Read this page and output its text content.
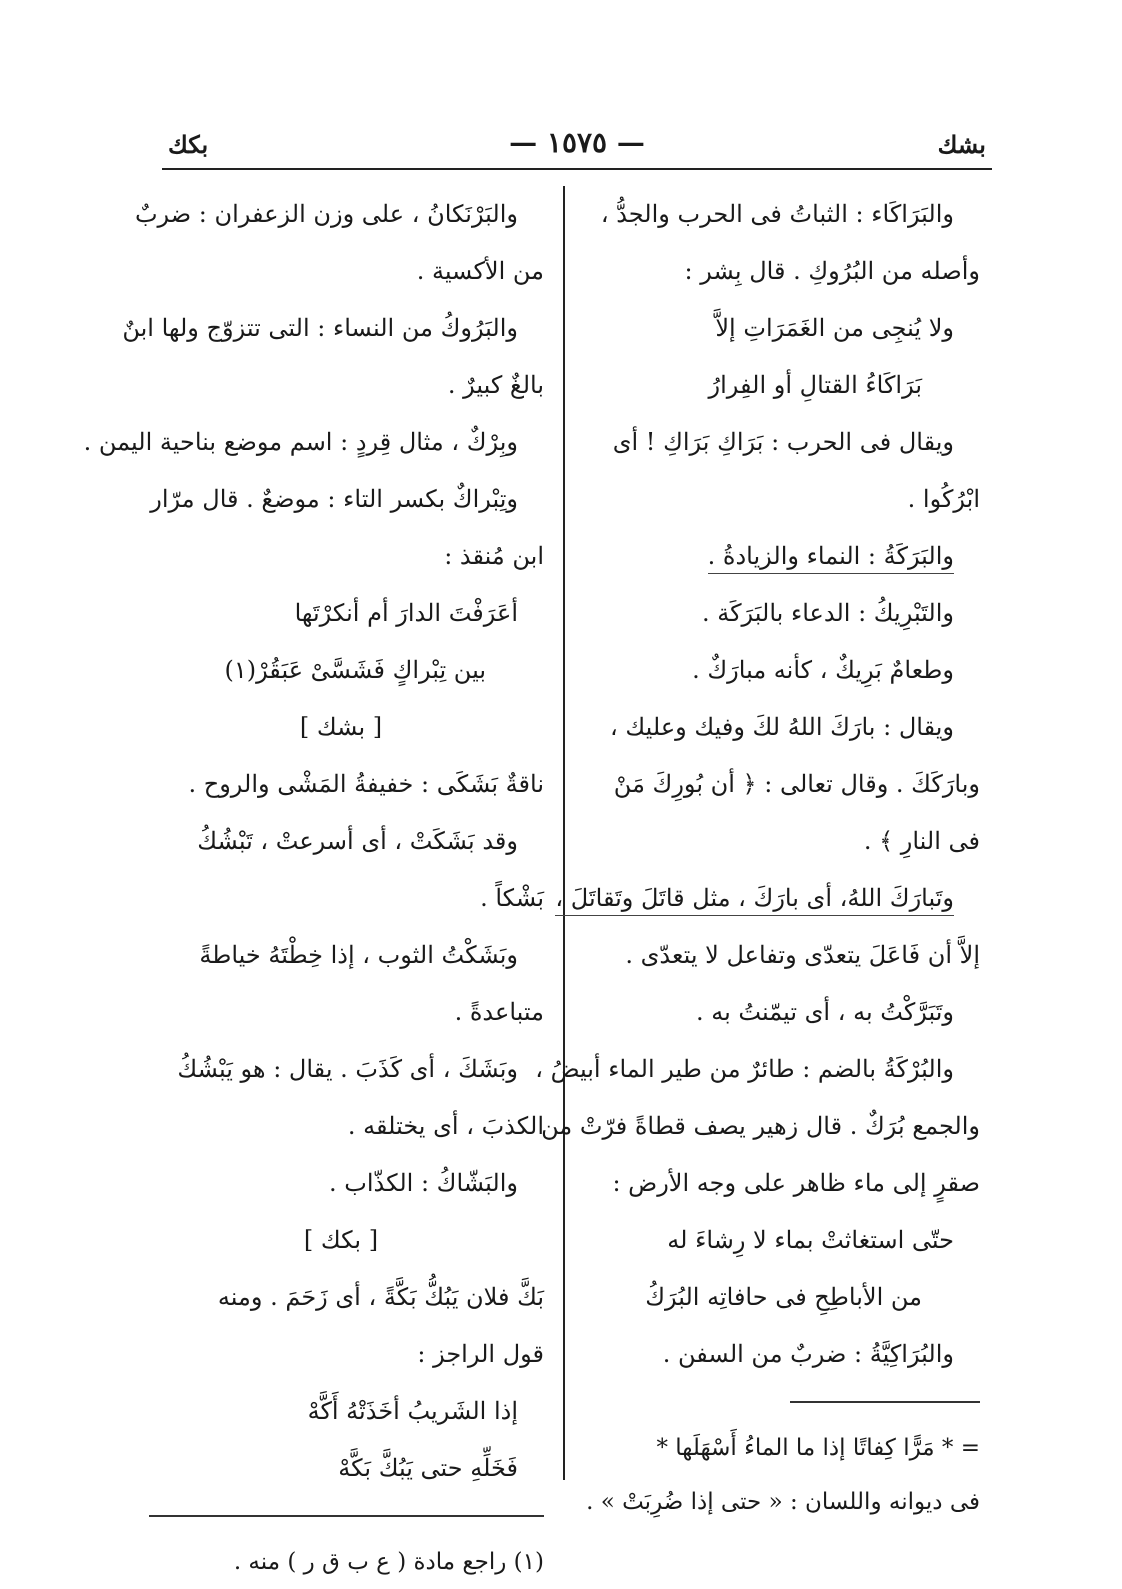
بشك
— ١٥٧٥ —
بكك
والبَرَاكَاء : الثباتُ فى الحرب والجدُّ ،
وأصله من البُرُوكِ . قال بِشر :
ولا يُنجِى من الغَمَرَاتِ إلاَّ
بَرَاكَاءُ القتالِ أو الفِرارُ
ويقال فى الحرب : بَرَاكِ بَرَاكِ ! أى
ابْرُكُوا .
والبَرَكَةُ : النماء والزيادةُ .
والتَبْرِيكُ : الدعاء بالبَرَكَة .
وطعامٌ بَرِيكٌ ، كأنه مبارَكٌ .
ويقال : بارَكَ اللهُ لكَ وفيك وعليك ،
وبارَكَكَ . وقال تعالى : ﴿ أن بُورِكَ مَنْ
فى النارِ ﴾ .
وتَبارَكَ اللهُ، أى بارَكَ ، مثل قاتَلَ وتَقاتَلَ ،
إلاَّ أن فَاعَلَ يتعدّى وتفاعل لا يتعدّى .
وتَبَرَّكْتُ به ، أى تيمّنتُ به .
والبُرْكَةُ بالضم : طائرٌ من طير الماء أبيضُ ،
والجمع بُرَكٌ . قال زهير يصف قطاةً فرّتْ من
صقرٍ إلى ماء ظاهر على وجه الأرض :
حتّى استغاثتْ بماء لا رِشاءَ له
من الأباطِحِ فى حافاتِه البُرَكُ
والبُرَاكِيَّةُ : ضربٌ من السفن .
= * مَرًّا كِفاتًا إذا ما الماءُ أَسْهَلَها *
فى ديوانه واللسان : « حتى إذا ضُرِبَتْ » .
والبَرْنَكانُ ، على وزن الزعفران : ضربٌ
من الأكسية .
والبَرُوكُ من النساء : التى تتزوّج ولها ابنٌ
بالغٌ كبيرٌ .
وبِرْكٌ ، مثال قِردٍ : اسم موضع بناحية اليمن .
وتِبْراكٌ بكسر التاء : موضعٌ . قال مرّار
ابن مُنقذ :
أعَرَفْتَ الدارَ أم أنكرْتَها
بين تِبْراكٍ فَشَسَّىْ عَبَقُرْ(١)
[ بشك ]
ناقةٌ بَشَكَى : خفيفةُ المَشْى والروح .
وقد بَشَكَتْ ، أى أسرعتْ ، تَبْشُكُ
بَشْكاً .
وبَشَكْتُ الثوب ، إذا خِطْتَهُ خياطةً
متباعدةً .
وبَشَكَ ، أى كَذَبَ . يقال : هو يَبْشُكُ
الكذبَ ، أى يختلقه .
والبَشّاكُ : الكذّاب .
[ بكك ]
بَكَّ فلان يَبُكُّ بَكَّةً ، أى زَحَمَ . ومنه
قول الراجز :
إذا الشَريبُ أخَذَتْهُ أَكَّهْ
فَخَلِّهِ حتى يَبُكَّ بَكَّهْ
(١) راجع مادة ( ع ب ق ر ) منه .
